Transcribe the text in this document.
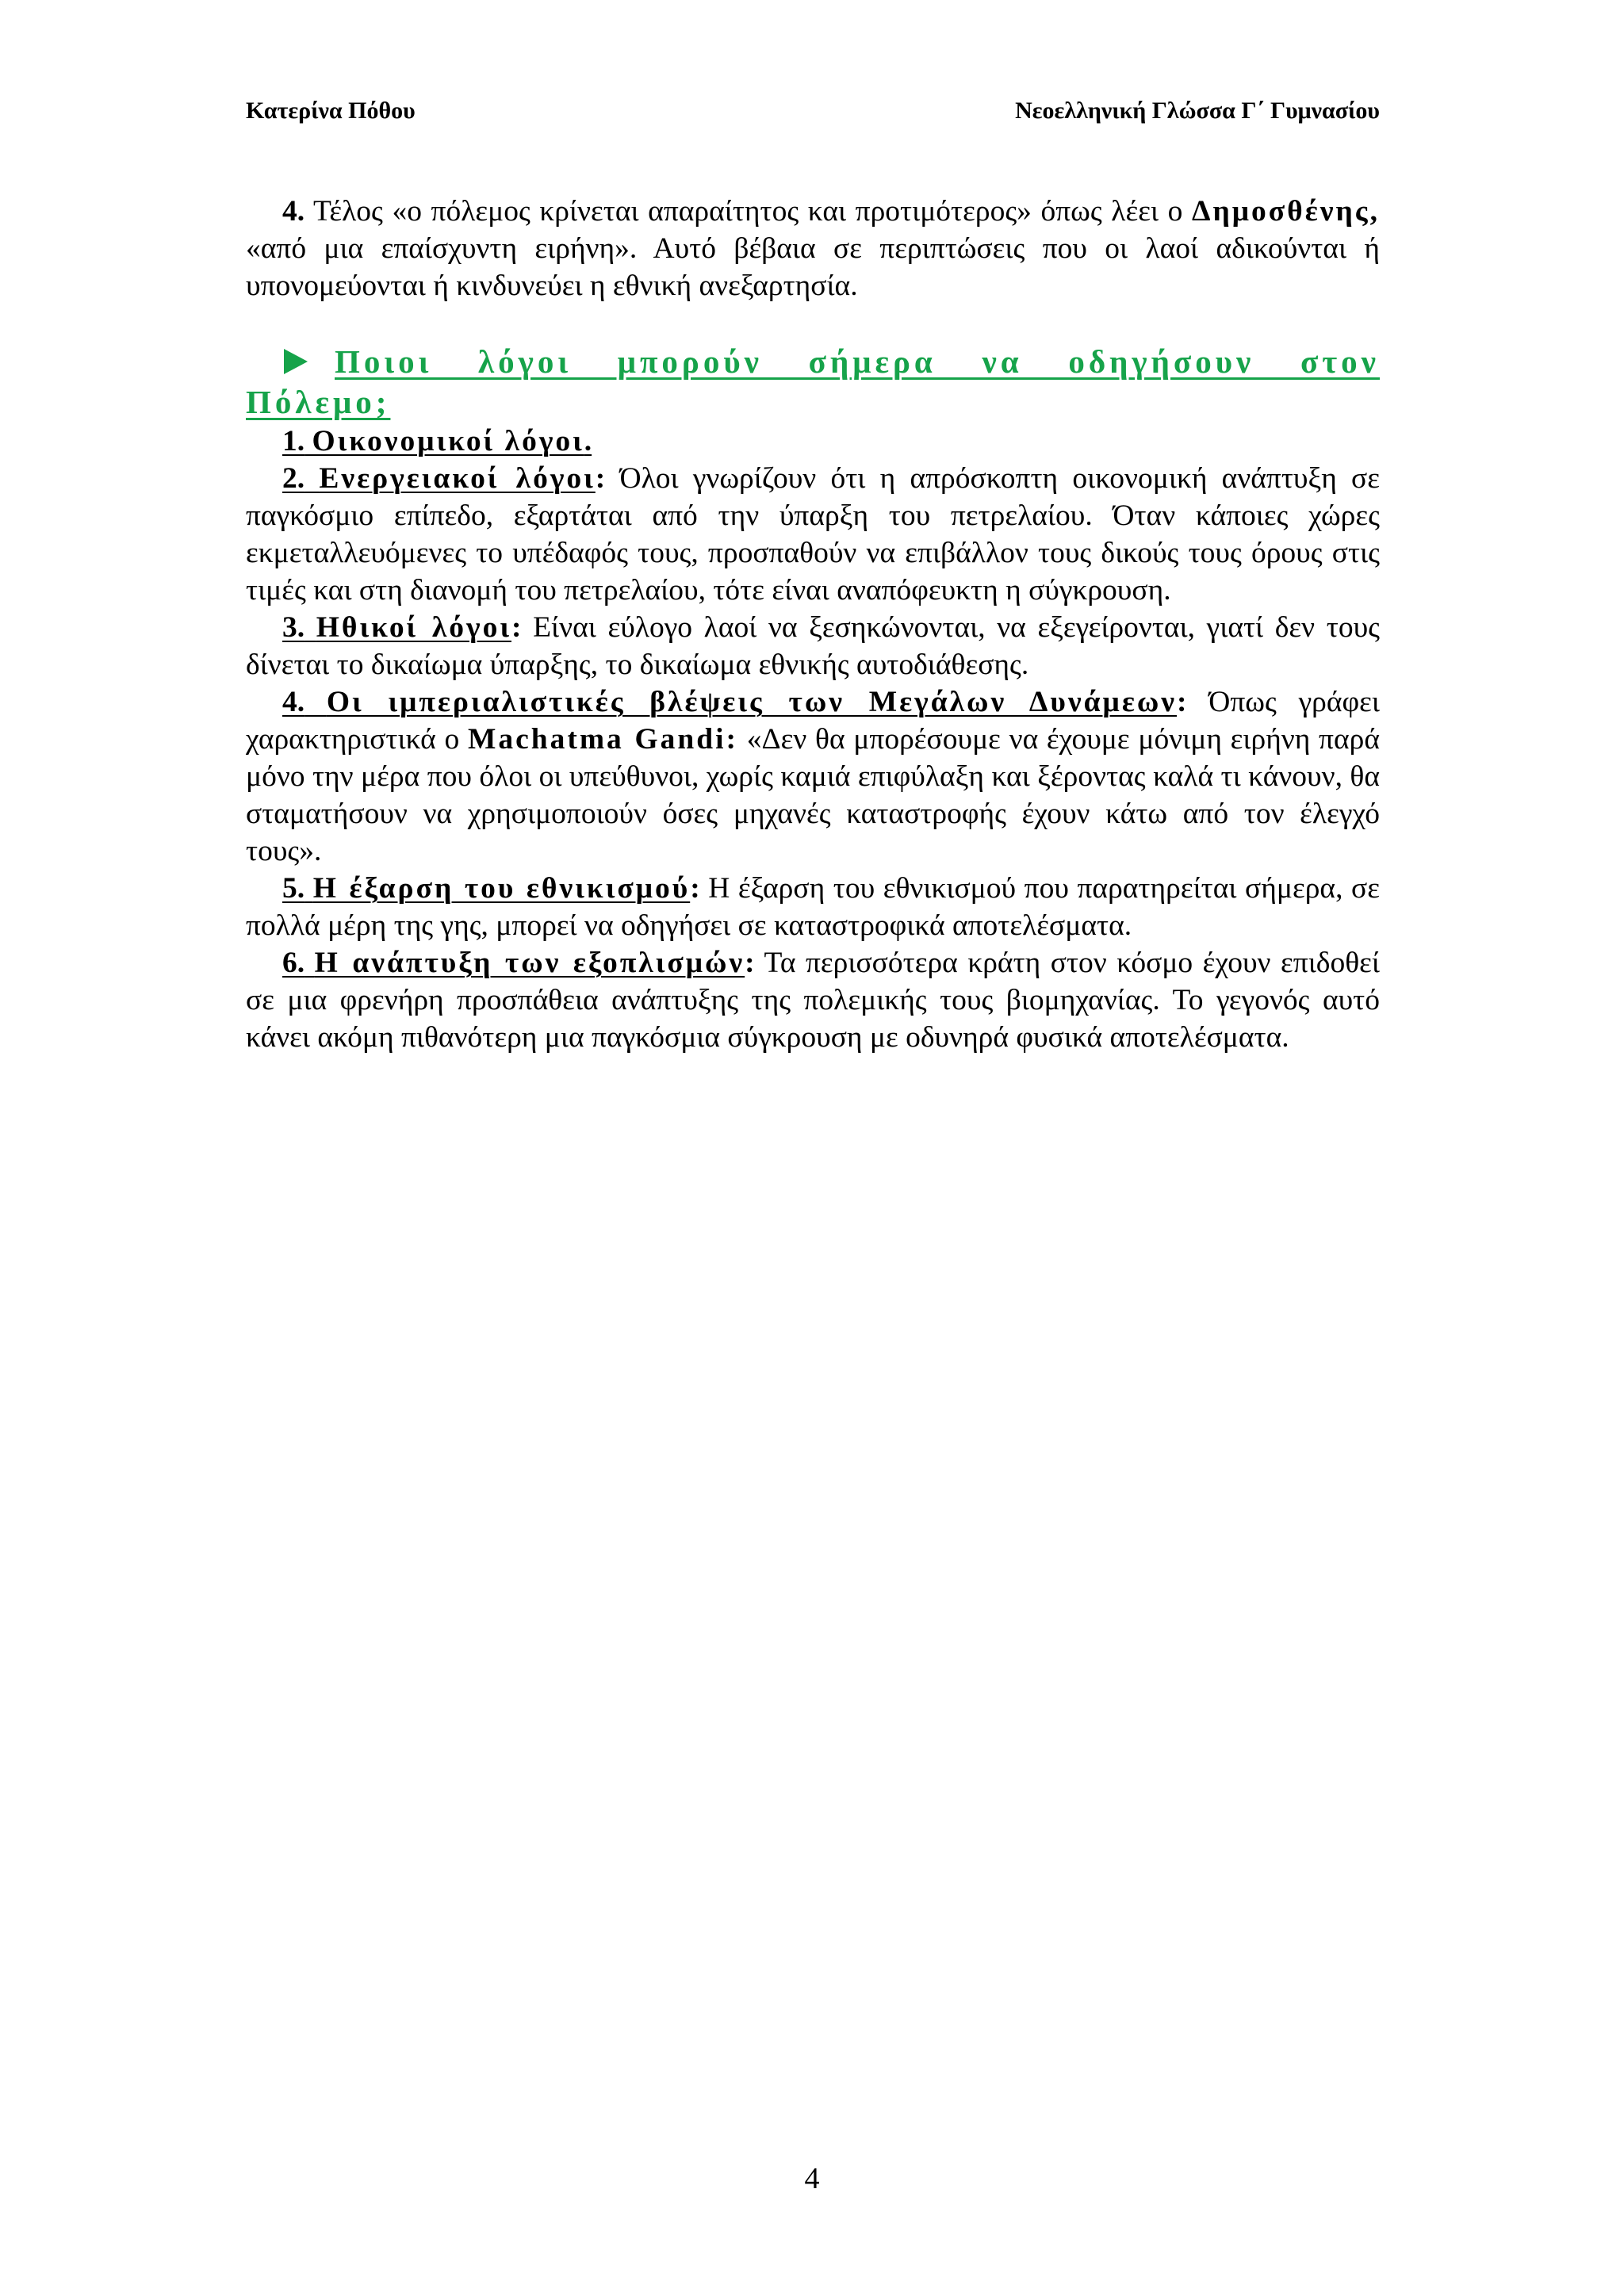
Κατερίνα Πόθου	Νεοελληνική Γλώσσα Γ΄ Γυμνασίου

4. Τέλος «ο πόλεμος κρίνεται απαραίτητος και προτιμότερος» όπως λέει ο Δημοσθένης, «από μια επαίσχυντη ειρήνη». Αυτό βέβαια σε περιπτώσεις που οι λαοί αδικούνται ή υπονομεύονται ή κινδυνεύει η εθνική ανεξαρτησία.

Ποιοι λόγοι μπορούν σήμερα να οδηγήσουν στον Πόλεμο;

1. Οικονομικοί λόγοι.

2. Ενεργειακοί λόγοι: Όλοι γνωρίζουν ότι η απρόσκοπτη οικονομική ανάπτυξη σε παγκόσμιο επίπεδο, εξαρτάται από την ύπαρξη του πετρελαίου. Όταν κάποιες χώρες εκμεταλλευόμενες το υπέδαφός τους, προσπαθούν να επιβάλλον τους δικούς τους όρους στις τιμές και στη διανομή του πετρελαίου, τότε είναι αναπόφευκτη η σύγκρουση.

3. Ηθικοί λόγοι: Είναι εύλογο λαοί να ξεσηκώνονται, να εξεγείρονται, γιατί δεν τους δίνεται το δικαίωμα ύπαρξης, το δικαίωμα εθνικής αυτοδιάθεσης.

4. Οι ιμπεριαλιστικές βλέψεις των Μεγάλων Δυνάμεων: Όπως γράφει χαρακτηριστικά ο Machatma Gandi: «Δεν θα μπορέσουμε να έχουμε μόνιμη ειρήνη παρά μόνο την μέρα που όλοι οι υπεύθυνοι, χωρίς καμιά επιφύλαξη και ξέροντας καλά τι κάνουν, θα σταματήσουν να χρησιμοποιούν όσες μηχανές καταστροφής έχουν κάτω από τον έλεγχό τους».

5. Η έξαρση του εθνικισμού: Η έξαρση του εθνικισμού που παρατηρείται σήμερα, σε πολλά μέρη της γης, μπορεί να οδηγήσει σε καταστροφικά αποτελέσματα.

6. Η ανάπτυξη των εξοπλισμών: Τα περισσότερα κράτη στον κόσμο έχουν επιδοθεί σε μια φρενήρη προσπάθεια ανάπτυξης της πολεμικής τους βιομηχανίας. Το γεγονός αυτό κάνει ακόμη πιθανότερη μια παγκόσμια σύγκρουση με οδυνηρά φυσικά αποτελέσματα.

4
